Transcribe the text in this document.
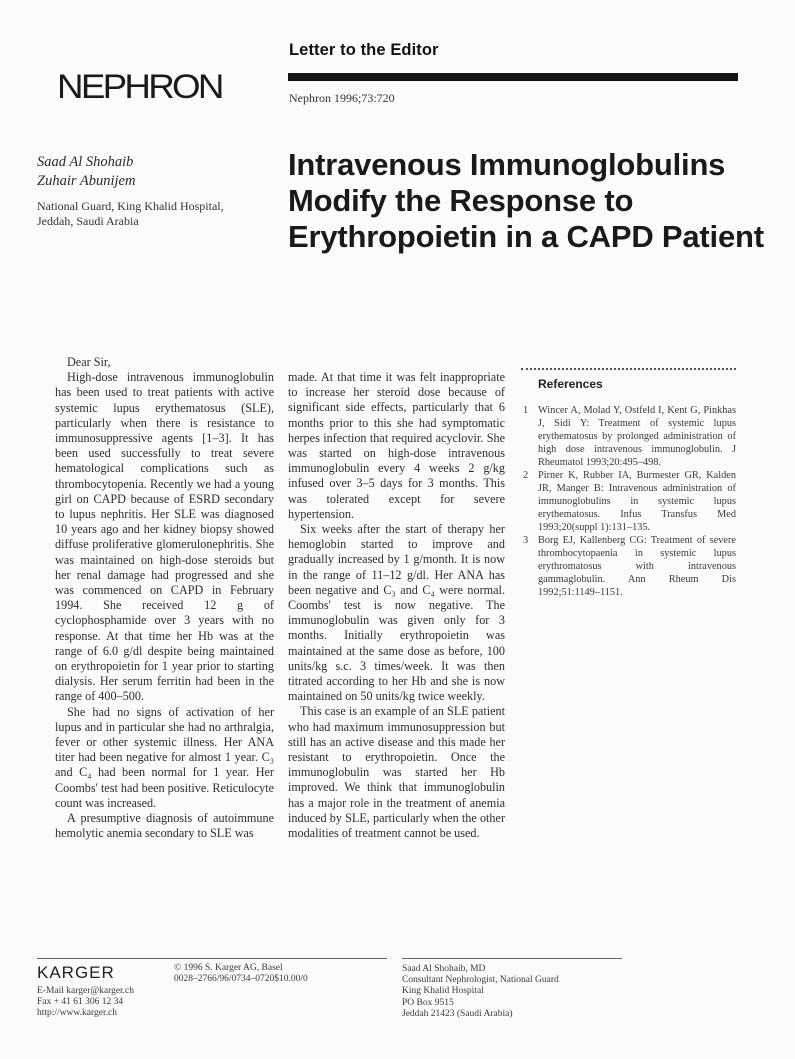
Letter to the Editor
NEPHRON	Nephron 1996;73:720
Saad Al Shohaib
Zuhair Abunijem
National Guard, King Khalid Hospital,
Jeddah, Saudi Arabia
Intravenous Immunoglobulins
Modify the Response to
Erythropoietin in a CAPD Patient

Dear Sir,

High-dose intravenous immunoglobulin has been used to treat patients with active systemic lupus erythematosus (SLE), particularly when there is resistance to immunosuppressive agents [1–3]. It has been used successfully to treat severe hematological complications such as thrombocytopenia. Recently we had a young girl on CAPD because of ESRD secondary to lupus nephritis. Her SLE was diagnosed 10 years ago and her kidney biopsy showed diffuse proliferative glomerulonephritis. She was maintained on high-dose steroids but her renal damage had progressed and she was commenced on CAPD in February 1994. She received 12 g of cyclophosphamide over 3 years with no response. At that time her Hb was at the range of 6.0 g/dl despite being maintained on erythropoietin for 1 year prior to starting dialysis. Her serum ferritin had been in the range of 400–500.

She had no signs of activation of her lupus and in particular she had no arthralgia, fever or other systemic illness. Her ANA titer had been negative for almost 1 year. C₃ and C₄ had been normal for 1 year. Her Coombs' test had been positive. Reticulocyte count was increased.

A presumptive diagnosis of autoimmune hemolytic anemia secondary to SLE was

made. At that time it was felt inappropriate to increase her steroid dose because of significant side effects, particularly that 6 months prior to this she had symptomatic herpes infection that required acyclovir. She was started on high-dose intravenous immunoglobulin every 4 weeks 2 g/kg infused over 3–5 days for 3 months. This was tolerated except for severe hypertension.

Six weeks after the start of therapy her hemoglobin started to improve and gradually increased by 1 g/month. It is now in the range of 11–12 g/dl. Her ANA has been negative and C₃ and C₄ were normal. Coombs' test is now negative. The immunoglobulin was given only for 3 months. Initially erythropoietin was maintained at the same dose as before, 100 units/kg s.c. 3 times/week. It was then titrated according to her Hb and she is now maintained on 50 units/kg twice weekly.

This case is an example of an SLE patient who had maximum immunosuppression but still has an active disease and this made her resistant to erythropoietin. Once the immunoglobulin was started her Hb improved. We think that immunoglobulin has a major role in the treatment of anemia induced by SLE, particularly when the other modalities of treatment cannot be used.

References
1 Wincer A, Molad Y, Ostfeld I, Kent G, Pinkhas J, Sidi Y: Treatment of systemic lupus erythematosus by prolonged administration of high dose intravenous immunoglobulin. J Rheumatol 1993;20:495–498.
2 Pirner K, Rubber IA, Burmester GR, Kalden JR, Manger B: Intravenous administration of immunoglobulins in systemic lupus erythematosus. Infus Transfus Med 1993;20(suppl 1):131–135.
3 Borg EJ, Kallenberg CG: Treatment of severe thrombocytopaenia in systemic lupus erythromatosus with intravenous gammaglobulin. Ann Rheum Dis 1992;51:1149–1151.
KARGER
E-Mail karger@karger.ch
Fax + 41 61 306 12 34
http://www.karger.ch
© 1996 S. Karger AG, Basel
0028–2766/96/0734–0720$10.00/0
Saad Al Shohaib, MD
Consultant Nephrologist, National Guard
King Khalid Hospital
PO Box 9515
Jeddah 21423 (Saudi Arabia)
